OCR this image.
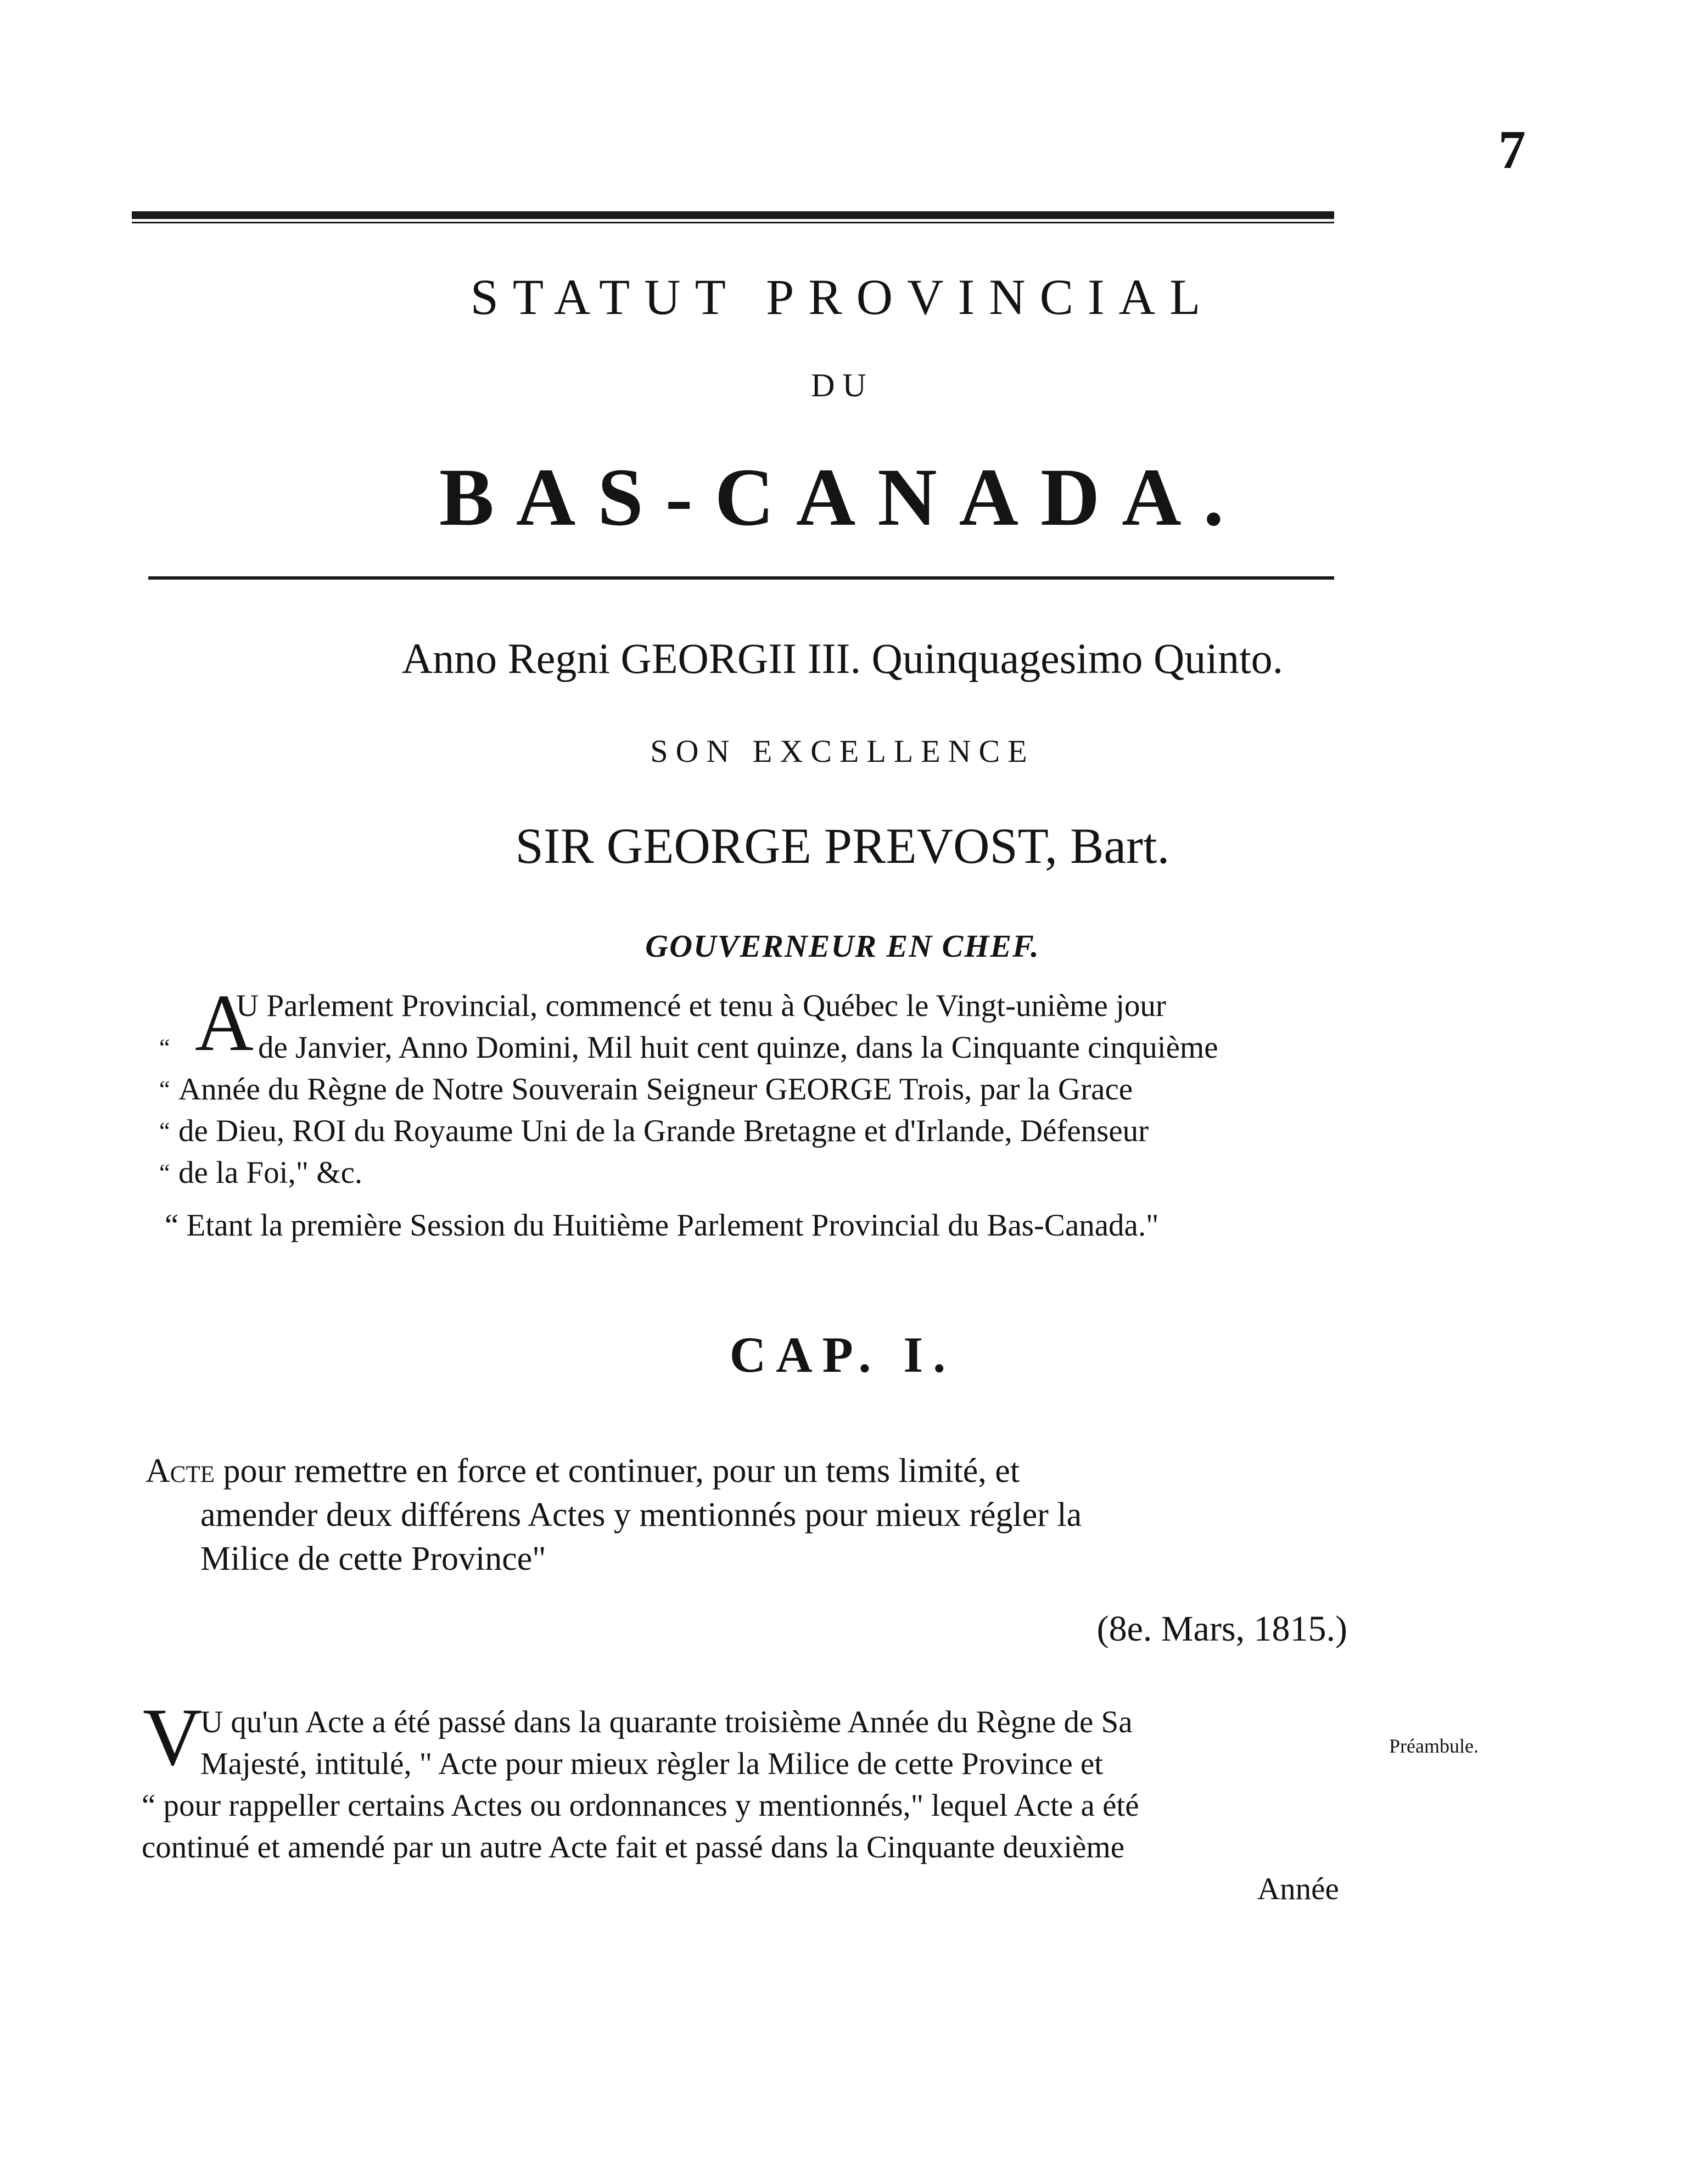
7
STATUT PROVINCIAL
DU
BAS-CANADA.
Anno Regni GEORGII III. Quinquagesimo Quinto.
SON EXCELLENCE
SIR GEORGE PREVOST, Bart.
GOUVERNEUR EN CHEF.
A
U Parlement Provincial, commencé et tenu à Québec le Vingt-unième jour
de Janvier, Anno Domini, Mil huit cent quinze, dans la Cinquante cinquième
Année du Règne de Notre Souverain Seigneur GEORGE Trois, par la Grace
de Dieu, ROI du Royaume Uni de la Grande Bretagne et d'Irlande, Défenseur
de la Foi," &c.
“
“
“
“
“ Etant la première Session du Huitième Parlement Provincial du Bas-Canada."
CAP. I.
Acte pour remettre en force et continuer, pour un tems limité, et
amender deux différens Actes y mentionnés pour mieux régler la
Milice de cette Province"
(8e. Mars, 1815.)
Préambule.
V
U qu'un Acte a été passé dans la quarante troisième Année du Règne de Sa
Majesté, intitulé, " Acte pour mieux règler la Milice de cette Province et
“ pour rappeller certains Actes ou ordonnances y mentionnés," lequel Acte a été
continué et amendé par un autre Acte fait et passé dans la Cinquante deuxième
Année
